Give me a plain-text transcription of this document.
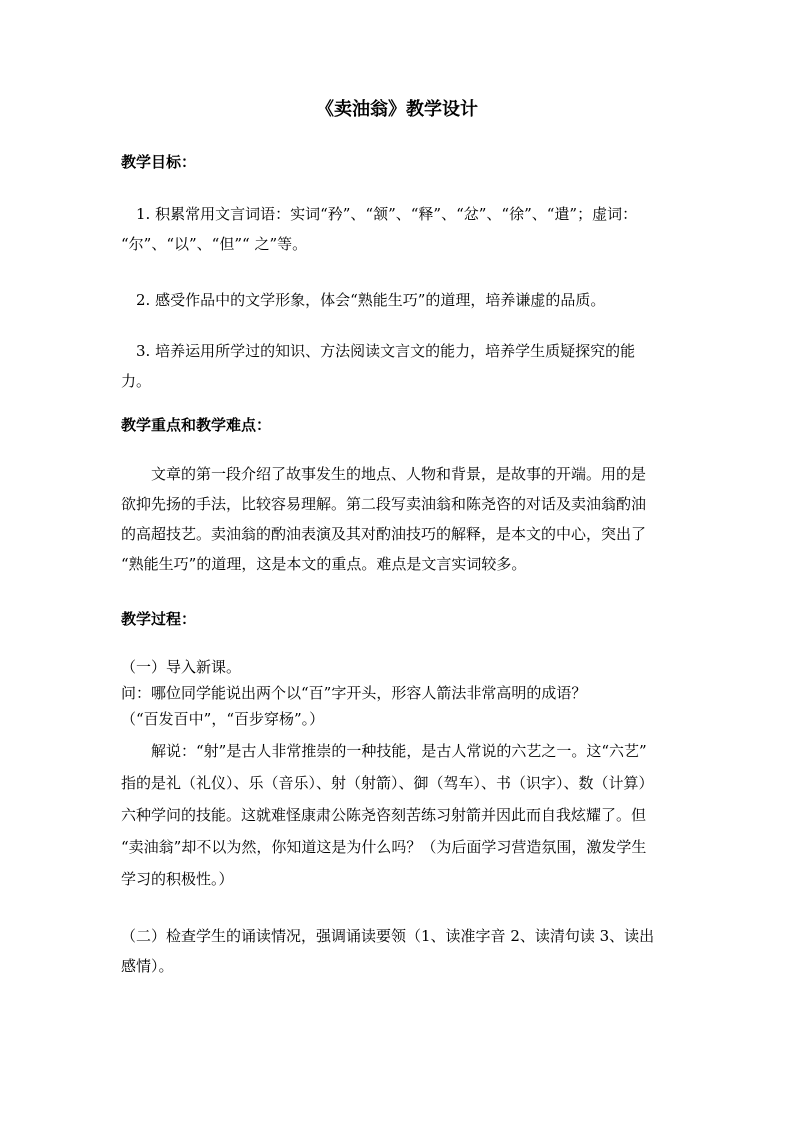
《卖油翁》教学设计
教学目标：
1. 积累常用文言词语：实词“矜”、“颔”、“释”、“忿”、“徐”、“遣”；虚词：
“尔”、“以”、“但”“ 之”等。
2. 感受作品中的文学形象，体会“熟能生巧”的道理，培养谦虚的品质。
3. 培养运用所学过的知识、方法阅读文言文的能力，培养学生质疑探究的能
力。
教学重点和教学难点：
文章的第一段介绍了故事发生的地点、人物和背景，是故事的开端。用的是
欲抑先扬的手法，比较容易理解。第二段写卖油翁和陈尧咨的对话及卖油翁酌油
的高超技艺。卖油翁的酌油表演及其对酌油技巧的解释，是本文的中心，突出了
“熟能生巧”的道理，这是本文的重点。难点是文言实词较多。
教学过程：
（一）导入新课。
问：哪位同学能说出两个以“百”字开头，形容人箭法非常高明的成语？
（“百发百中”，“百步穿杨”。）
解说：“射”是古人非常推崇的一种技能，是古人常说的六艺之一。这“六艺”
指的是礼（礼仪）、乐（音乐）、射（射箭）、御（驾车）、书（识字）、数（计算）
六种学问的技能。这就难怪康肃公陈尧咨刻苦练习射箭并因此而自我炫耀了。但
“卖油翁”却不以为然，你知道这是为什么吗？（为后面学习营造氛围，激发学生
学习的积极性。）
（二）检查学生的诵读情况，强调诵读要领（1、读准字音 2、读清句读 3、读出
感情）。
